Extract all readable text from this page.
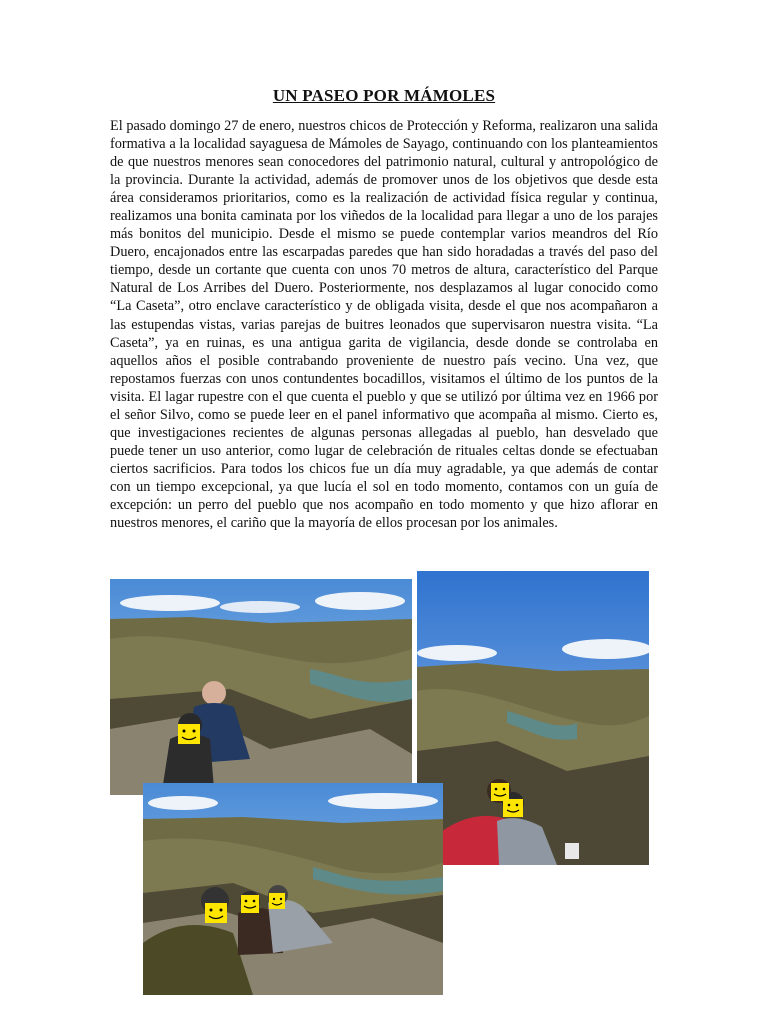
UN PASEO POR MÁMOLES

El pasado domingo 27 de enero, nuestros chicos de Protección y Reforma, realizaron una salida formativa a la localidad sayaguesa de Mámoles de Sayago, continuando con los planteamientos de que nuestros menores sean conocedores del patrimonio natural, cultural y antropológico de la provincia. Durante la actividad, además de promover unos de los objetivos que desde esta área consideramos prioritarios, como es la realización de actividad física regular y continua, realizamos una bonita caminata por los viñedos de la localidad para llegar a uno de los parajes más bonitos del municipio. Desde el mismo se puede contemplar varios meandros del Río Duero, encajonados entre las escarpadas paredes que han sido horadadas a través del paso del tiempo, desde un cortante que cuenta con unos 70 metros de altura, característico del Parque Natural de Los Arribes del Duero. Posteriormente, nos desplazamos al lugar conocido como “La Caseta”, otro enclave característico y de obligada visita, desde el que nos acompañaron a las estupendas vistas, varias parejas de buitres leonados que supervisaron nuestra visita. “La Caseta”, ya en ruinas, es una antigua garita de vigilancia, desde donde se controlaba en aquellos años el posible contrabando proveniente de nuestro país vecino. Una vez, que repostamos fuerzas con unos contundentes bocadillos, visitamos el último de los puntos de la visita. El lagar rupestre con el que cuenta el pueblo y que se utilizó por última vez en 1966 por el señor Silvo, como se puede leer en el panel informativo que acompaña al mismo. Cierto es, que investigaciones recientes de algunas personas allegadas al pueblo, han desvelado que puede tener un uso anterior, como lugar de celebración de rituales celtas donde se efectuaban ciertos sacrificios. Para todos los chicos fue un día muy agradable, ya que además de contar con un tiempo excepcional, ya que lucía el sol en todo momento, contamos con un guía de excepción: un perro del pueblo que nos acompaño en todo momento y que hizo aflorar en nuestros menores, el cariño que la mayoría de ellos procesan por los animales.
